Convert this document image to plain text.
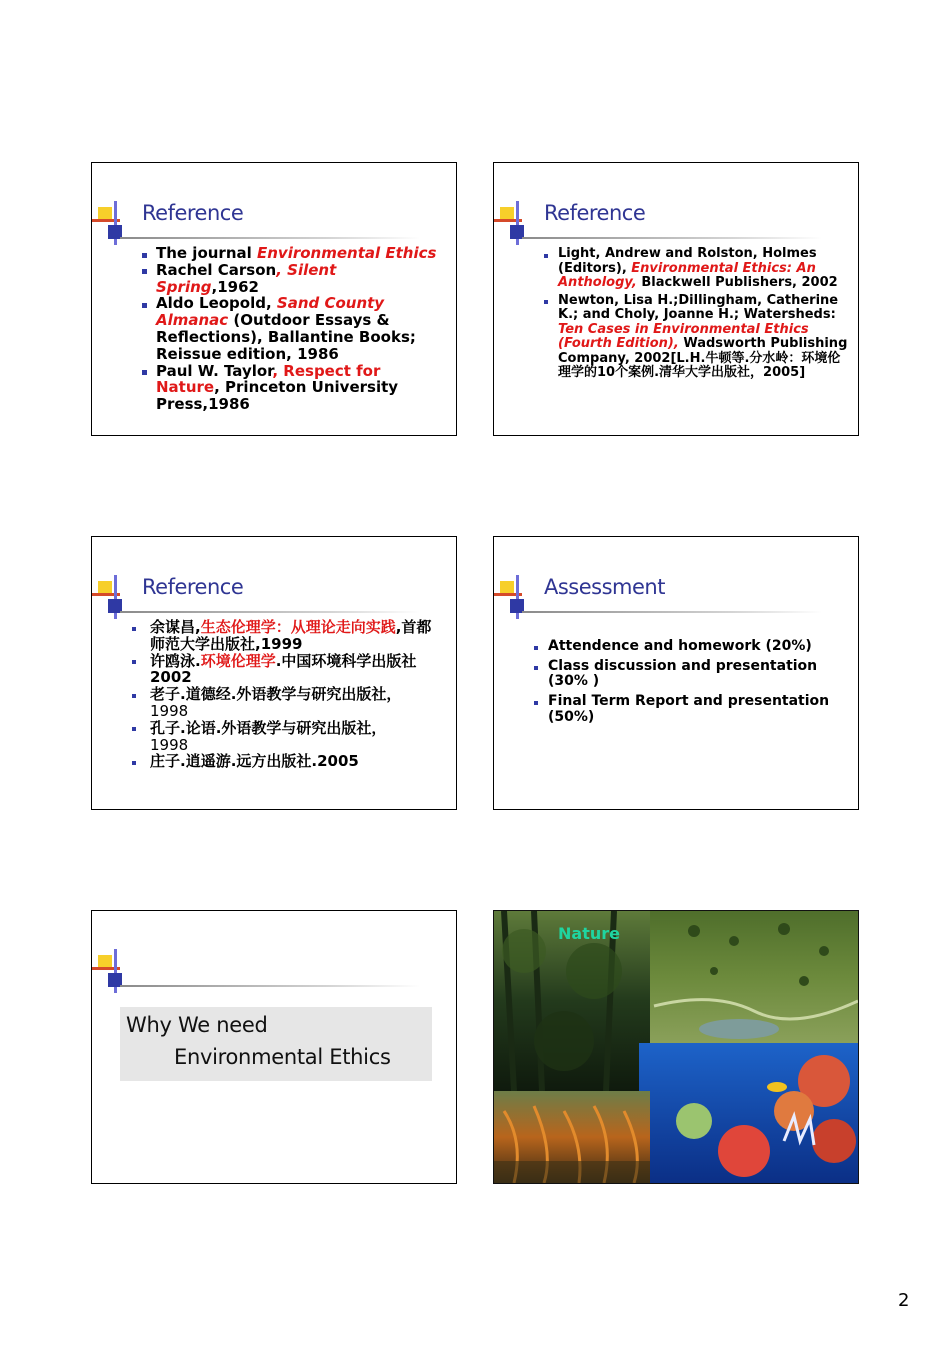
Reference
The journal Environmental Ethics
Rachel Carson, Silent Spring,1962
Aldo Leopold, Sand County Almanac (Outdoor Essays & Reflections), Ballantine Books; Reissue edition, 1986
Paul W. Taylor, Respect for Nature, Princeton University Press,1986
Reference
Light, Andrew and Rolston, Holmes (Editors), Environmental Ethics: An Anthology, Blackwell Publishers, 2002
Newton, Lisa H.;Dillingham, Catherine K.; and Choly, Joanne H.; Watersheds: Ten Cases in Environmental Ethics (Fourth Edition), Wadsworth Publishing Company, 2002[L.H.牛顿等.分水岭：环境伦理学的10个案例.清华大学出版社，2005]
Reference
余谋昌,生态伦理学：从理论走向实践,首都师范大学出版社,1999
许鸥泳.环境伦理学.中国环境科学出版社 2002
老子.道德经.外语教学与研究出版社，
1998
孔子.论语.外语教学与研究出版社，
1998
庄子.逍遥游.远方出版社.2005
Assessment
Attendence and homework (20%)
Class discussion and presentation (30% )
Final Term Report and presentation (50%)
Why We need
Environmental Ethics
Nature
2
